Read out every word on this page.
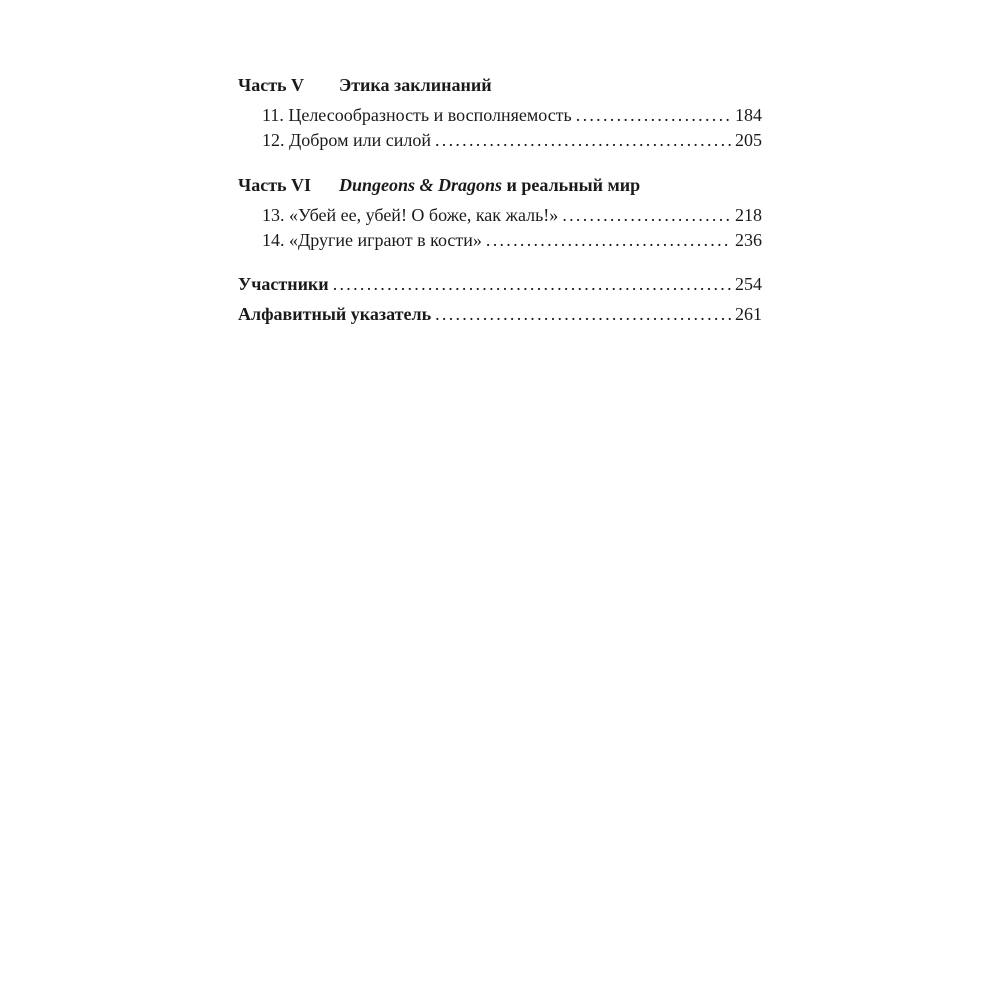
Часть V Этика заклинаний
11. Целесообразность и восполняемость . . .	184
12. Добром или силой . . .	205
Часть VI Dungeons & Dragons и реальный мир
13. «Убей ее, убей! О боже, как жаль!» . . .	218
14. «Другие играют в кости» . . .	236
Участники . . .	254
Алфавитный указатель . . .	261
